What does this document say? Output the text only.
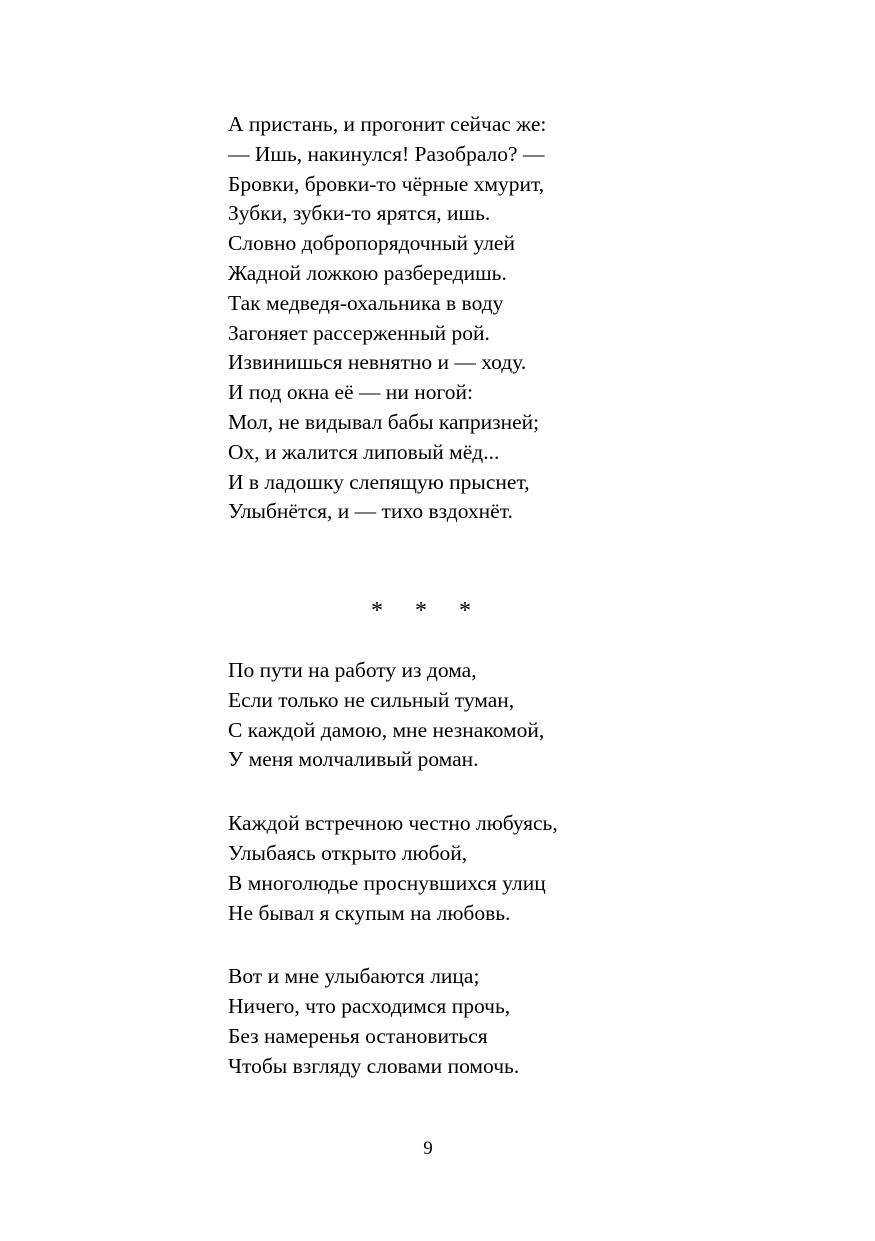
А пристань, и прогонит сейчас же:
— Ишь, накинулся! Разобрало? —
Бровки, бровки-то чёрные хмурит,
Зубки, зубки-то ярятся, ишь.
Словно добропорядочный улей
Жадной ложкою разбередишь.
Так медведя-охальника в воду
Загоняет рассерженный рой.
Извинишься невнятно и — ходу.
И под окна её — ни ногой:
Мол, не видывал бабы капризней;
Ох, и жалится липовый мёд...
И в ладошку слепящую прыснет,
Улыбнётся, и — тихо вздохнёт.
* * *
По пути на работу из дома,
Если только не сильный туман,
С каждой дамою, мне незнакомой,
У меня молчаливый роман.
Каждой встречною честно любуясь,
Улыбаясь открыто любой,
В многолюдье проснувшихся улиц
Не бывал я скупым на любовь.
Вот и мне улыбаются лица;
Ничего, что расходимся прочь,
Без намеренья остановиться
Чтобы взгляду словами помочь.
9
